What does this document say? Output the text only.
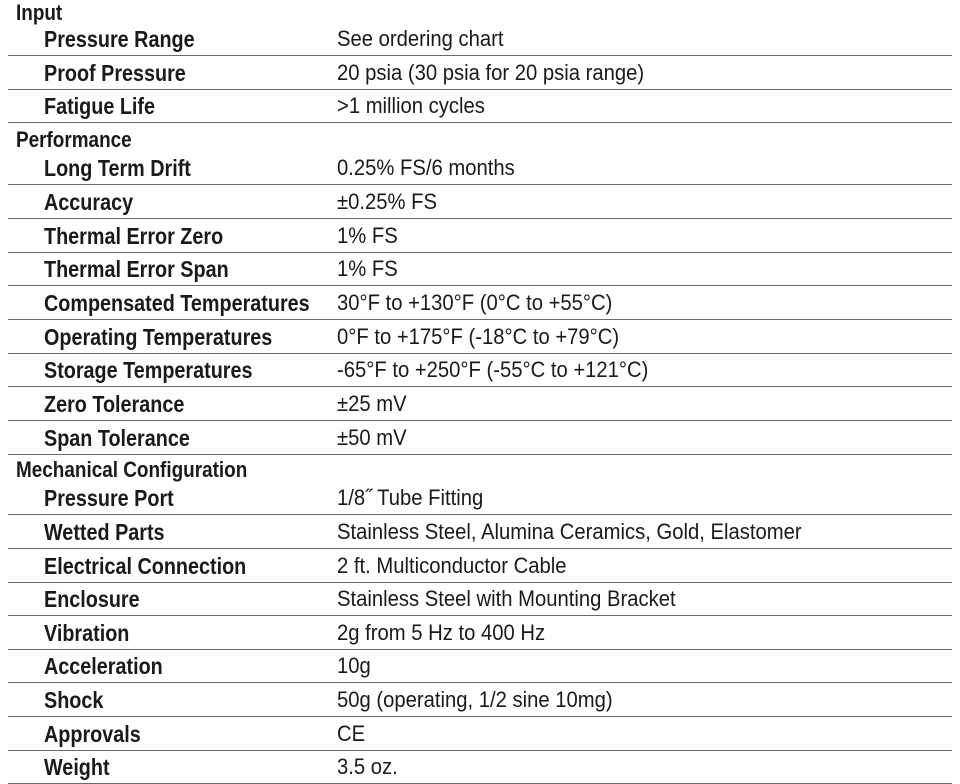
Input
Pressure Range	See ordering chart
Proof Pressure	20 psia (30 psia for 20 psia range)
Fatigue Life	>1 million cycles
Performance
Long Term Drift	0.25% FS/6 months
Accuracy	±0.25% FS
Thermal Error Zero	1% FS
Thermal Error Span	1% FS
Compensated Temperatures 30°F to +130°F (0°C to +55°C)
Operating Temperatures	0°F to +175°F (-18°C to +79°C)
Storage Temperatures	-65°F to +250°F (-55°C to +121°C)
Zero Tolerance	±25 mV
Span Tolerance	±50 mV
Mechanical Configuration
Pressure Port	1/8˝ Tube Fitting
Wetted Parts	Stainless Steel, Alumina Ceramics, Gold, Elastomer
Electrical Connection	2 ft. Multiconductor Cable
Enclosure	Stainless Steel with Mounting Bracket
Vibration	2g from 5 Hz to 400 Hz
Acceleration	10g
Shock	50g (operating, 1/2 sine 10mg)
Approvals	CE
Weight	3.5 oz.
